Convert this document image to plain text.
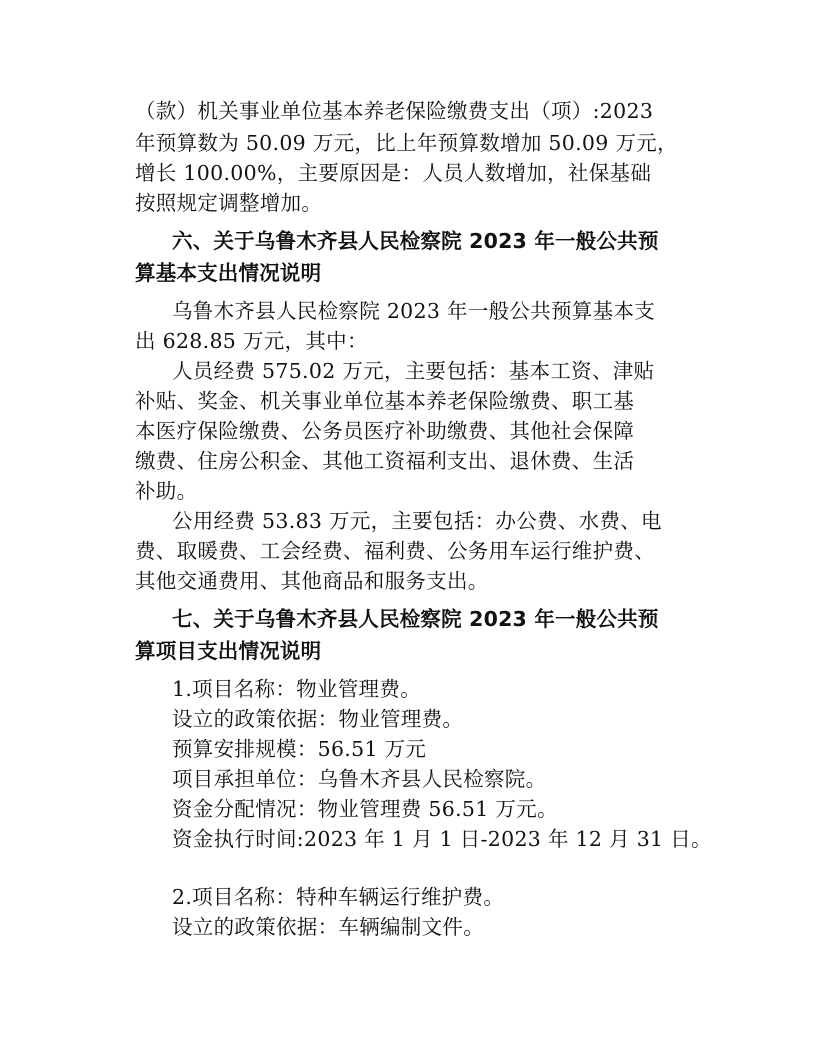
（款）机关事业单位基本养老保险缴费支出（项）:2023
年预算数为 50.09 万元，比上年预算数增加 50.09 万元，
增长 100.00%，主要原因是：人员人数增加，社保基础
按照规定调整增加。
六、关于乌鲁木齐县人民检察院 2023 年一般公共预
算基本支出情况说明
乌鲁木齐县人民检察院 2023 年一般公共预算基本支
出 628.85 万元，其中：
人员经费 575.02 万元，主要包括：基本工资、津贴
补贴、奖金、机关事业单位基本养老保险缴费、职工基
本医疗保险缴费、公务员医疗补助缴费、其他社会保障
缴费、住房公积金、其他工资福利支出、退休费、生活
补助。
公用经费 53.83 万元，主要包括：办公费、水费、电
费、取暖费、工会经费、福利费、公务用车运行维护费、
其他交通费用、其他商品和服务支出。
七、关于乌鲁木齐县人民检察院 2023 年一般公共预
算项目支出情况说明
1.项目名称：物业管理费。
设立的政策依据：物业管理费。
预算安排规模：56.51 万元
项目承担单位：乌鲁木齐县人民检察院。
资金分配情况：物业管理费 56.51 万元。
资金执行时间:2023 年 1 月 1 日-2023 年 12 月 31 日。
2.项目名称：特种车辆运行维护费。
设立的政策依据：车辆编制文件。
